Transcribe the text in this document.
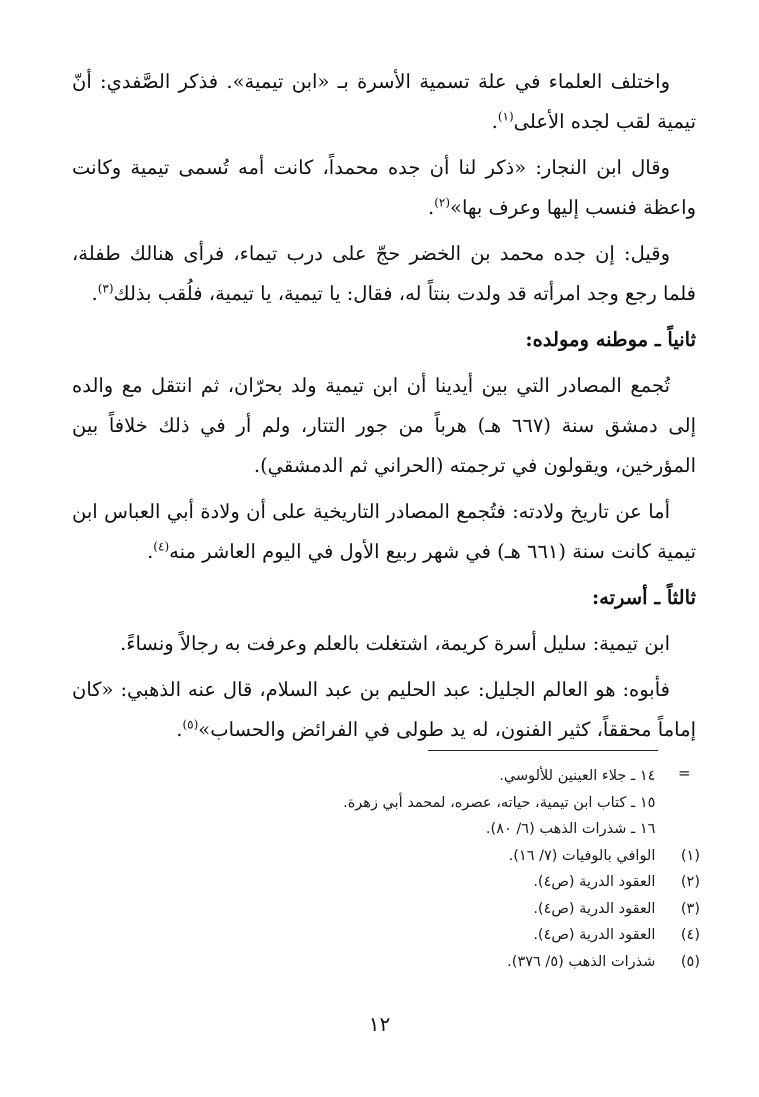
واختلف العلماء في علة تسمية الأسرة بـ «ابن تيمية». فذكر الصَّفدي: أنّ تيمية لقب لجده الأعلى$^{(١)}$.

وقال ابن النجار: «ذكر لنا أن جده محمداً، كانت أمه تُسمى تيمية وكانت واعظة فنسب إليها وعرف بها»$^{(٢)}$.

وقيل: إن جده محمد بن الخضر حجّ على درب تيماء، فرأى هنالك طفلة، فلما رجع وجد امرأته قد ولدت بنتاً له، فقال: يا تيمية، يا تيمية، فلُقب بذلك$^{(٣)}$.

ثانياً ـ موطنه ومولده:

تُجمع المصادر التي بين أيدينا أن ابن تيمية ولد بحرّان، ثم انتقل مع والده إلى دمشق سنة (٦٦٧ هـ) هرباً من جور التتار، ولم أر في ذلك خلافاً بين المؤرخين، ويقولون في ترجمته (الحراني ثم الدمشقي).

أما عن تاريخ ولادته: فتُجمع المصادر التاريخية على أن ولادة أبي العباس ابن تيمية كانت سنة (٦٦١ هـ) في شهر ربيع الأول في اليوم العاشر منه$^{(٤)}$.

ثالثاً ـ أسرته:

ابن تيمية: سليل أسرة كريمة، اشتغلت بالعلم وعرفت به رجالاً ونساءً.

فأبوه: هو العالم الجليل: عبد الحليم بن عبد السلام، قال عنه الذهبي: «كان إماماً محققاً، كثير الفنون، له يد طولى في الفرائض والحساب»$^{(٥)}$.

=

١٤ ـ جلاء العينين للألوسي.

١٥ ـ كتاب ابن تيمية، حياته، عصره، لمحمد أبي زهرة.

١٦ ـ شذرات الذهب (٦/ ٨٠).

(١) الوافي بالوفيات (٧/ ١٦).

(٢) العقود الدرية (ص٤).

(٣) العقود الدرية (ص٤).

(٤) العقود الدرية (ص٤).

(٥) شذرات الذهب (٥/ ٣٧٦).

١٢
